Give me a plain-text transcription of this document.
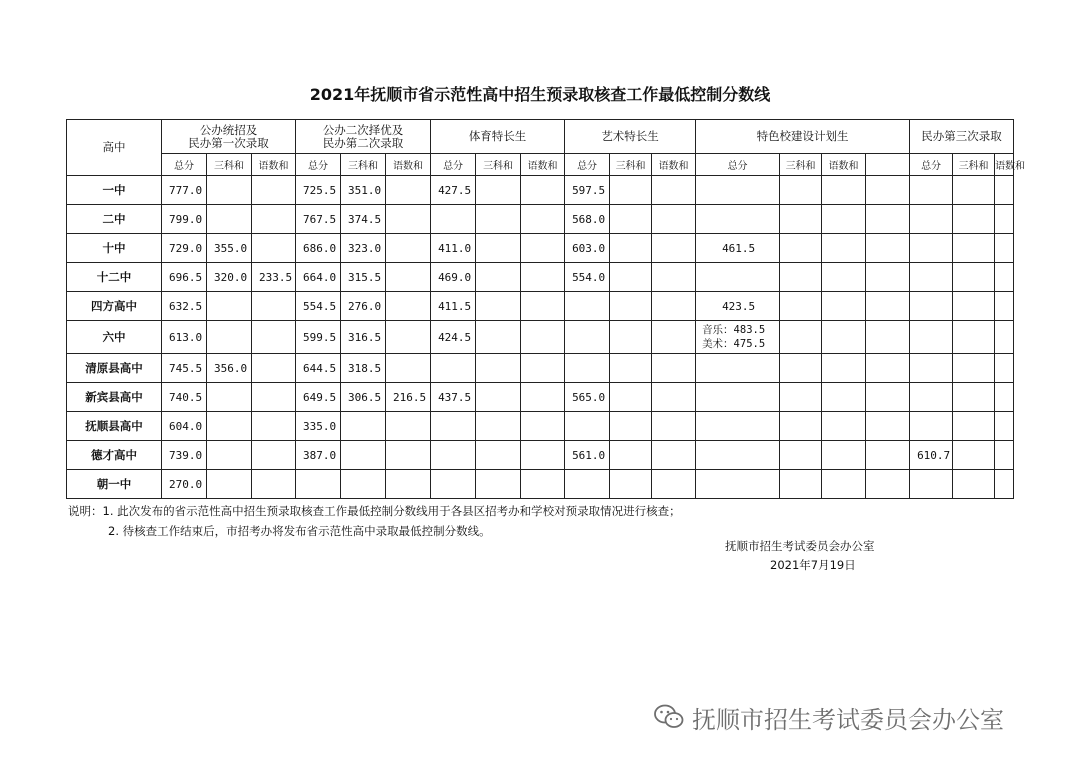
2021年抚顺市省示范性高中招生预录取核查工作最低控制分数线
高中	公办统招及
民办第一次录取			公办二次择优及
民办第二次录取			体育特长生			艺术特长生			特色校建设计划生				民办第三次录取		
	总分	三科和	语数和	总分	三科和	语数和	总分	三科和	语数和	总分	三科和	语数和	总分	三科和	语数和		总分	三科和	语数和
一中	777.0			725.5	351.0		427.5			597.5									
二中	799.0			767.5	374.5					568.0									
十中	729.0	355.0		686.0	323.0		411.0			603.0			461.5						
十二中	696.5	320.0	233.5	664.0	315.5		469.0			554.0									
四方高中	632.5			554.5	276.0		411.5						423.5						
六中	613.0			599.5	316.5		424.5						音乐：483.5
美术：475.5						

清原县高中	745.5	356.0		644.5	318.5														
新宾县高中	740.5			649.5	306.5	216.5	437.5			565.0									
抚顺县高中	604.0			335.0															
德才高中	739.0			387.0						561.0							610.7		
朝一中	270.0																		
说明：1. 此次发布的省示范性高中招生预录取核查工作最低控制分数线用于各县区招考办和学校对预录取情况进行核查；
2. 待核查工作结束后，市招考办将发布省示范性高中录取最低控制分数线。
抚顺市招生考试委员会办公室
2021年7月19日
抚顺市招生考试委员会办公室
